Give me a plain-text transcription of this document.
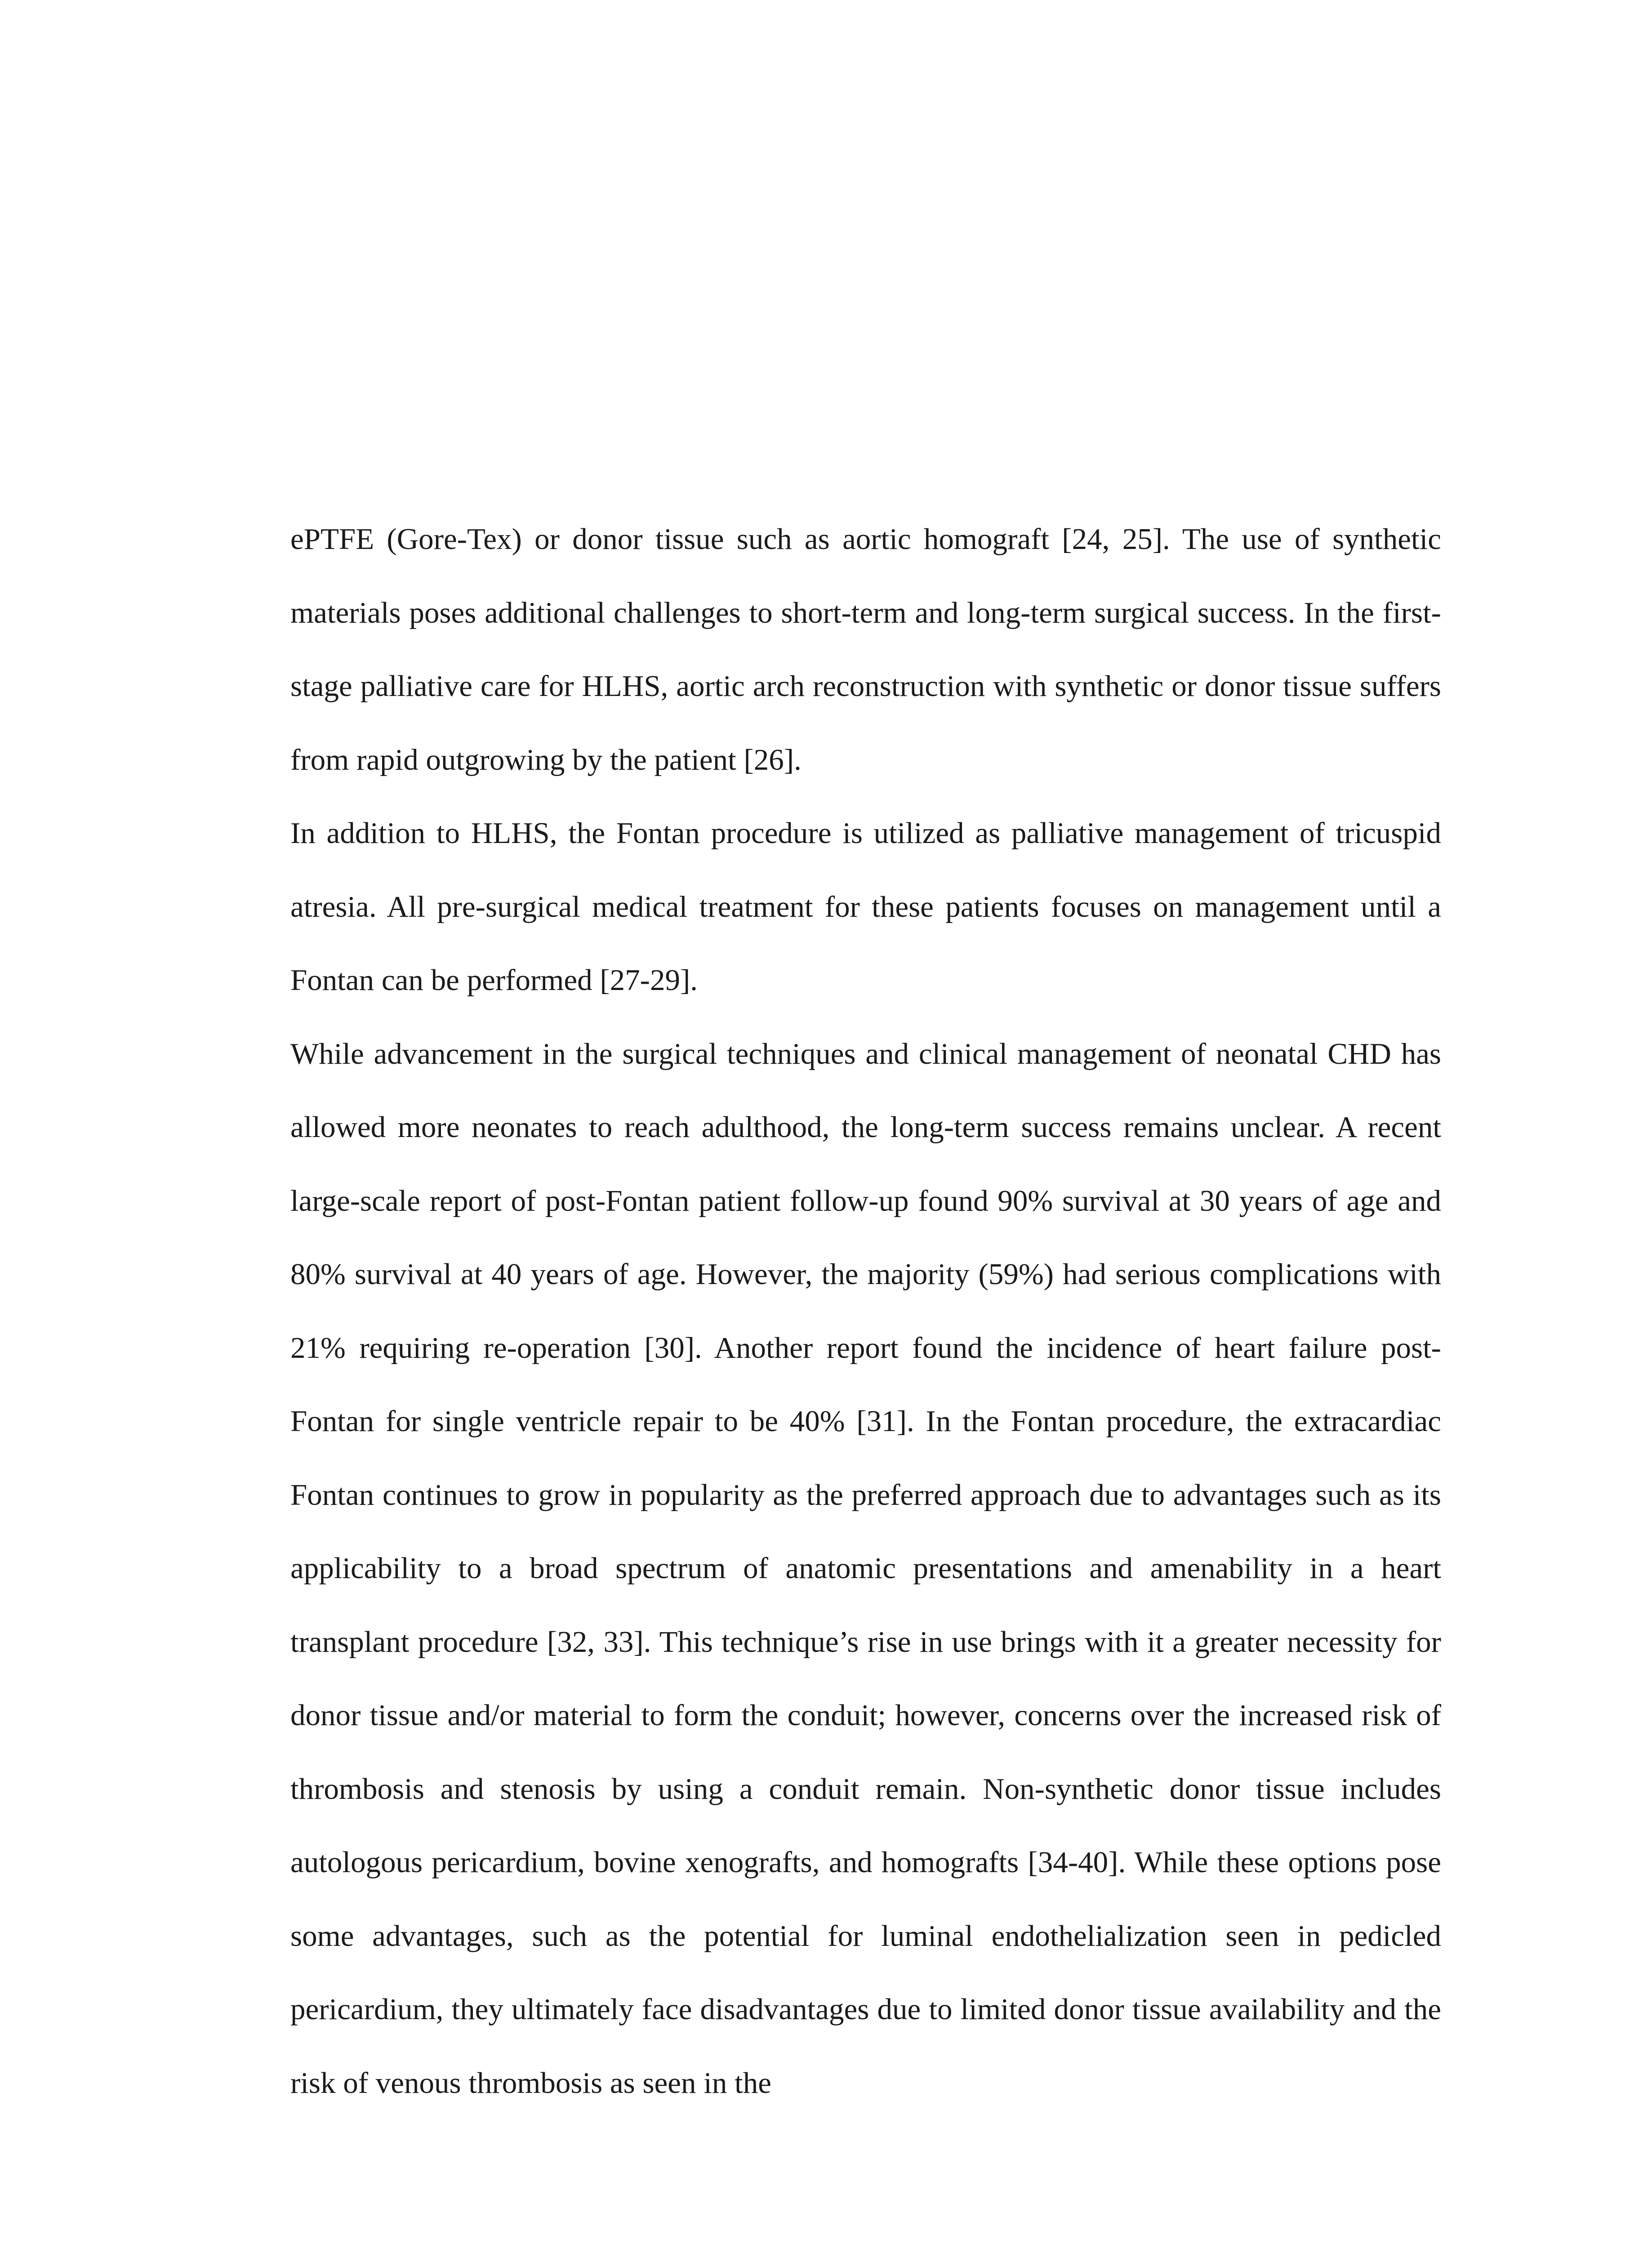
ePTFE (Gore-Tex) or donor tissue such as aortic homograft [24, 25]. The use of synthetic materials poses additional challenges to short-term and long-term surgical success. In the first-stage palliative care for HLHS, aortic arch reconstruction with synthetic or donor tissue suffers from rapid outgrowing by the patient [26].

In addition to HLHS, the Fontan procedure is utilized as palliative management of tricuspid atresia. All pre-surgical medical treatment for these patients focuses on management until a Fontan can be performed [27-29].

While advancement in the surgical techniques and clinical management of neonatal CHD has allowed more neonates to reach adulthood, the long-term success remains unclear. A recent large-scale report of post-Fontan patient follow-up found 90% survival at 30 years of age and 80% survival at 40 years of age. However, the majority (59%) had serious complications with 21% requiring re-operation [30]. Another report found the incidence of heart failure post-Fontan for single ventricle repair to be 40% [31]. In the Fontan procedure, the extracardiac Fontan continues to grow in popularity as the preferred approach due to advantages such as its applicability to a broad spectrum of anatomic presentations and amenability in a heart transplant procedure [32, 33]. This technique’s rise in use brings with it a greater necessity for donor tissue and/or material to form the conduit; however, concerns over the increased risk of thrombosis and stenosis by using a conduit remain. Non-synthetic donor tissue includes autologous pericardium, bovine xenografts, and homografts [34-40]. While these options pose some advantages, such as the potential for luminal endothelialization seen in pedicled pericardium, they ultimately face disadvantages due to limited donor tissue availability and the risk of venous thrombosis as seen in the
